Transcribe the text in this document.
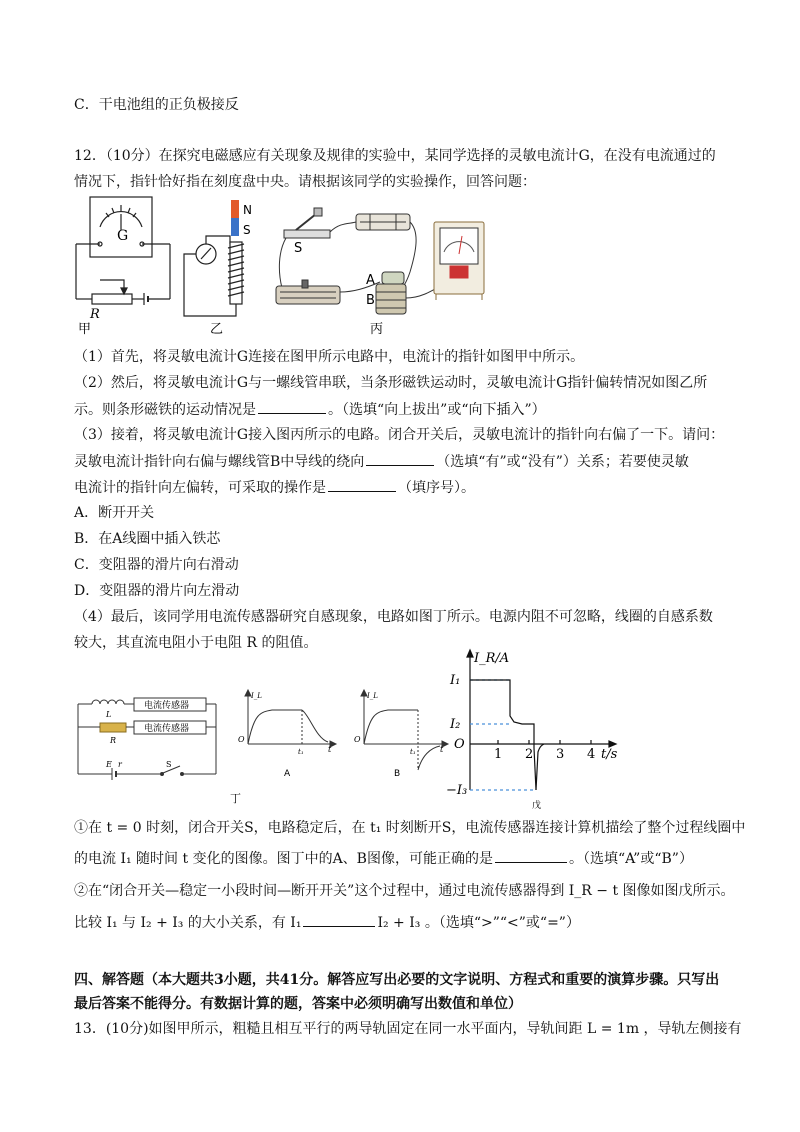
C．干电池组的正负极接反
12．（10分）在探究电磁感应有关现象及规律的实验中，某同学选择的灵敏电流计G，在没有电流通过的
情况下，指针恰好指在刻度盘中央。请根据该同学的实验操作，回答问题：
G
R
甲
N
S
乙
S
A
B
丙
（1）首先，将灵敏电流计G连接在图甲所示电路中，电流计的指针如图甲中所示。
（2）然后，将灵敏电流计G与一螺线管串联，当条形磁铁运动时，灵敏电流计G指针偏转情况如图乙所
示。则条形磁铁的运动情况是	。（选填“向上拔出”或“向下插入”）
（3）接着，将灵敏电流计G接入图丙所示的电路。闭合开关后，灵敏电流计的指针向右偏了一下。请问：
灵敏电流计指针向右偏与螺线管B中导线的绕向	（选填“有”或“没有”）关系；若要使灵敏
电流计的指针向左偏转，可采取的操作是	（填序号）。
A．断开开关
B．在A线圈中插入铁芯
C．变阻器的滑片向右滑动
D．变阻器的滑片向左滑动
（4）最后，该同学用电流传感器研究自感现象，电路如图丁所示。电源内阻不可忽略，线圈的自感系数
较大，其直流电阻小于电阻 R 的阻值。
电流传感器
电流传感器
L
R
E r	S
I_L
t
O
t₁
A
I_L
t
O
t₁
B
丁
I_R/A
I₁
I₂
−I₃
O
1 2 3 4 t/s
戊
①在 t = 0 时刻，闭合开关S，电路稳定后，在 t₁ 时刻断开S，电流传感器连接计算机描绘了整个过程线圈中
的电流 I₁ 随时间 t 变化的图像。图丁中的A、B图像，可能正确的是	。（选填“A”或“B”）
②在“闭合开关—稳定一小段时间—断开开关”这个过程中，通过电流传感器得到 I_R − t 图像如图戊所示。
比较 I₁ 与 I₂ + I₃ 的大小关系，有 I₁	I₂ + I₃ 。（选填“>”“<”或“=”）
四、解答题（本大题共3小题，共41分。解答应写出必要的文字说明、方程式和重要的演算步骤。只写出
最后答案不能得分。有数据计算的题，答案中必须明确写出数值和单位）
13．(10分)如图甲所示，粗糙且相互平行的两导轨固定在同一水平面内，导轨间距 L = 1m ，导轨左侧接有
